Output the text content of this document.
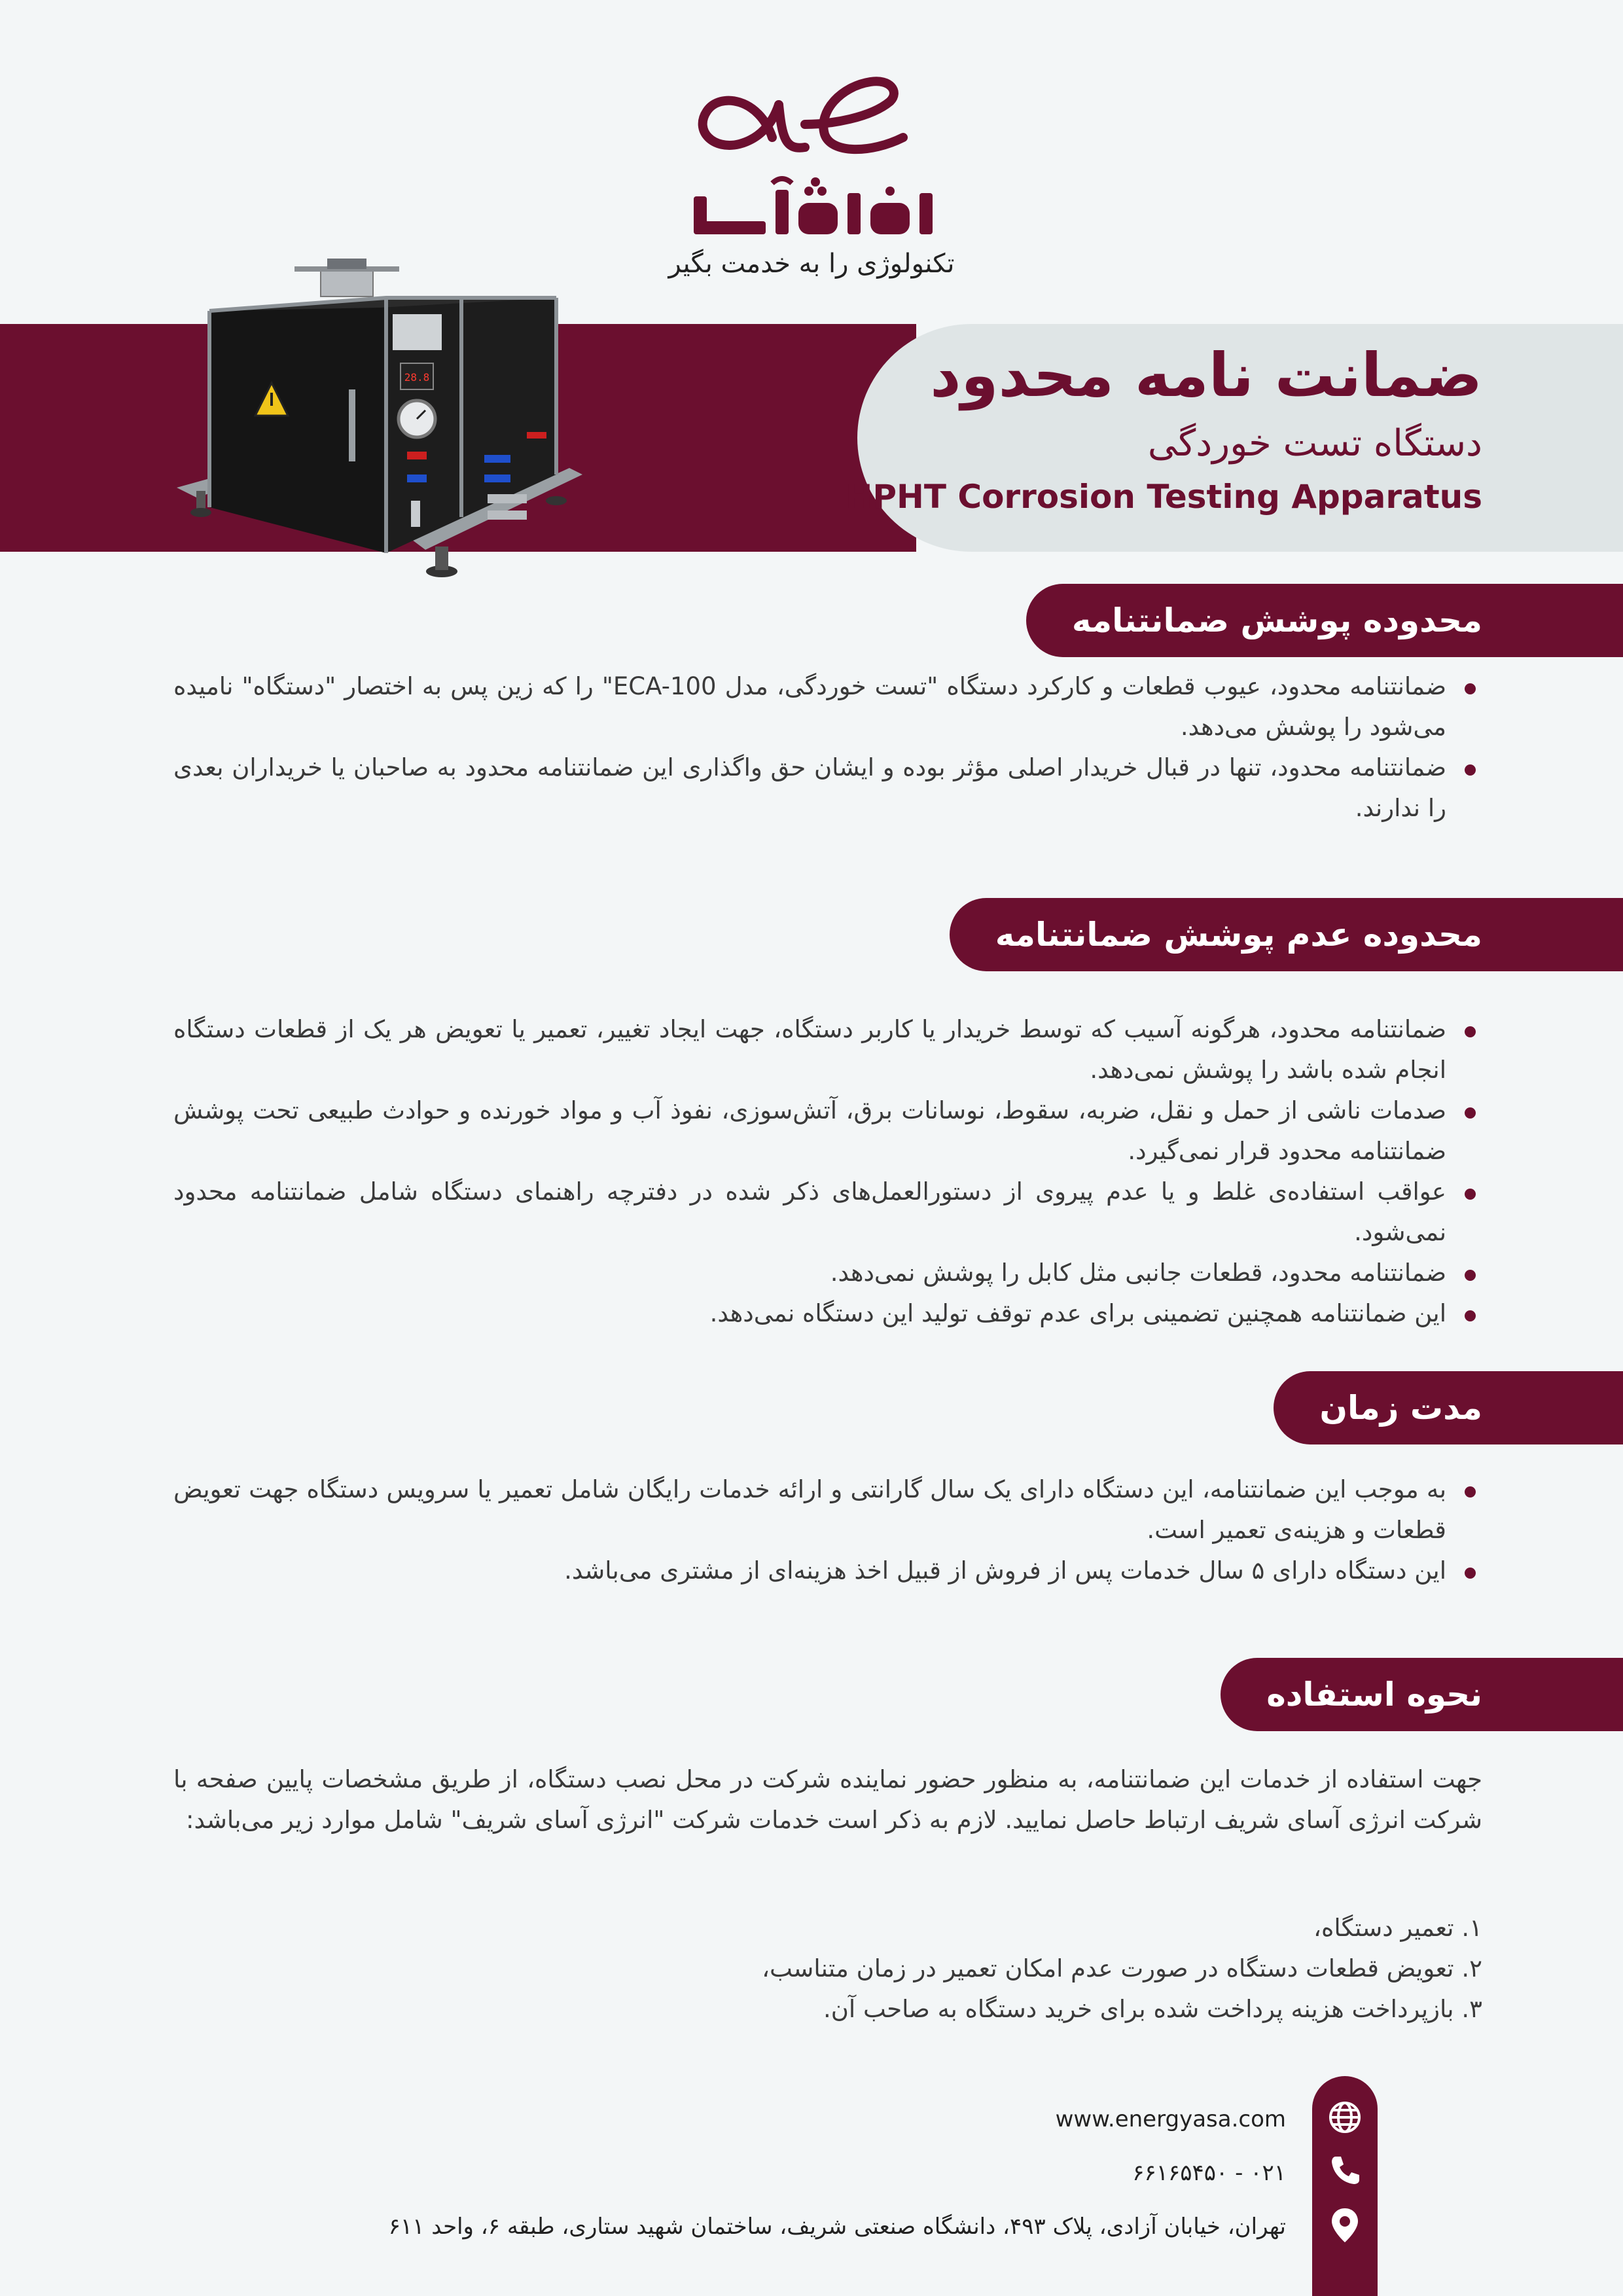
تکنولوژی را به خدمت بگیر
ضمانت نامه محدود
دستگاه تست خوردگی
HPHT Corrosion Testing Apparatus
28.8
محدوده پوشش ضمانتنامه
ضمانتنامه محدود، عیوب قطعات و کارکرد دستگاه "تست خوردگی، مدل ECA-100" را که زین پس به اختصار "دستگاه" نامیده می‌شود را پوشش می‌دهد.
ضمانتنامه محدود، تنها در قبال خریدار اصلی مؤثر بوده و ایشان حق واگذاری این ضمانتنامه محدود به صاحبان یا خریداران بعدی را ندارند.
محدوده عدم پوشش ضمانتنامه
ضمانتنامه محدود، هرگونه آسیب که توسط خریدار یا کاربر دستگاه، جهت ایجاد تغییر، تعمیر یا تعویض هر یک از قطعات دستگاه انجام شده باشد را پوشش نمی‌دهد.
صدمات ناشی از حمل و نقل، ضربه، سقوط، نوسانات برق، آتش‌سوزی، نفوذ آب و مواد خورنده و حوادث طبیعی تحت پوشش ضمانتنامه محدود قرار نمی‌گیرد.
عواقب استفاده‌ی غلط و یا عدم پیروی از دستورالعمل‌های ذکر شده در دفترچه راهنمای دستگاه شامل ضمانتنامه محدود نمی‌شود.
ضمانتنامه محدود، قطعات جانبی مثل کابل را پوشش نمی‌دهد.
این ضمانتنامه همچنین تضمینی برای عدم توقف تولید این دستگاه نمی‌دهد.
مدت زمان
به موجب این ضمانتنامه، این دستگاه دارای یک سال گارانتی و ارائه خدمات رایگان شامل تعمیر یا سرویس دستگاه جهت تعویض قطعات و هزینه‌ی تعمیر است.
این دستگاه دارای ۵ سال خدمات پس از فروش از قبیل اخذ هزینه‌ای از مشتری می‌باشد.
نحوه استفاده

جهت استفاده از خدمات این ضمانتنامه، به منظور حضور نماینده شرکت در محل نصب دستگاه، از طریق مشخصات پایین صفحه با شرکت انرژی آسای شریف ارتباط حاصل نمایید. لازم به ذکر است خدمات شرکت "انرژی آسای شریف" شامل موارد زیر می‌باشد:

۱. تعمیر دستگاه،
۲. تعویض قطعات دستگاه در صورت عدم امکان تعمیر در زمان متناسب،
۳. بازپرداخت هزینه پرداخت شده برای خرید دستگاه به صاحب آن.
www.energyasa.com
۰۲۱ - ۶۶۱۶۵۴۵۰
تهران، خیابان آزادی، پلاک ۴۹۳، دانشگاه صنعتی شریف، ساختمان شهید ستاری، طبقه ۶، واحد ۶۱۱
